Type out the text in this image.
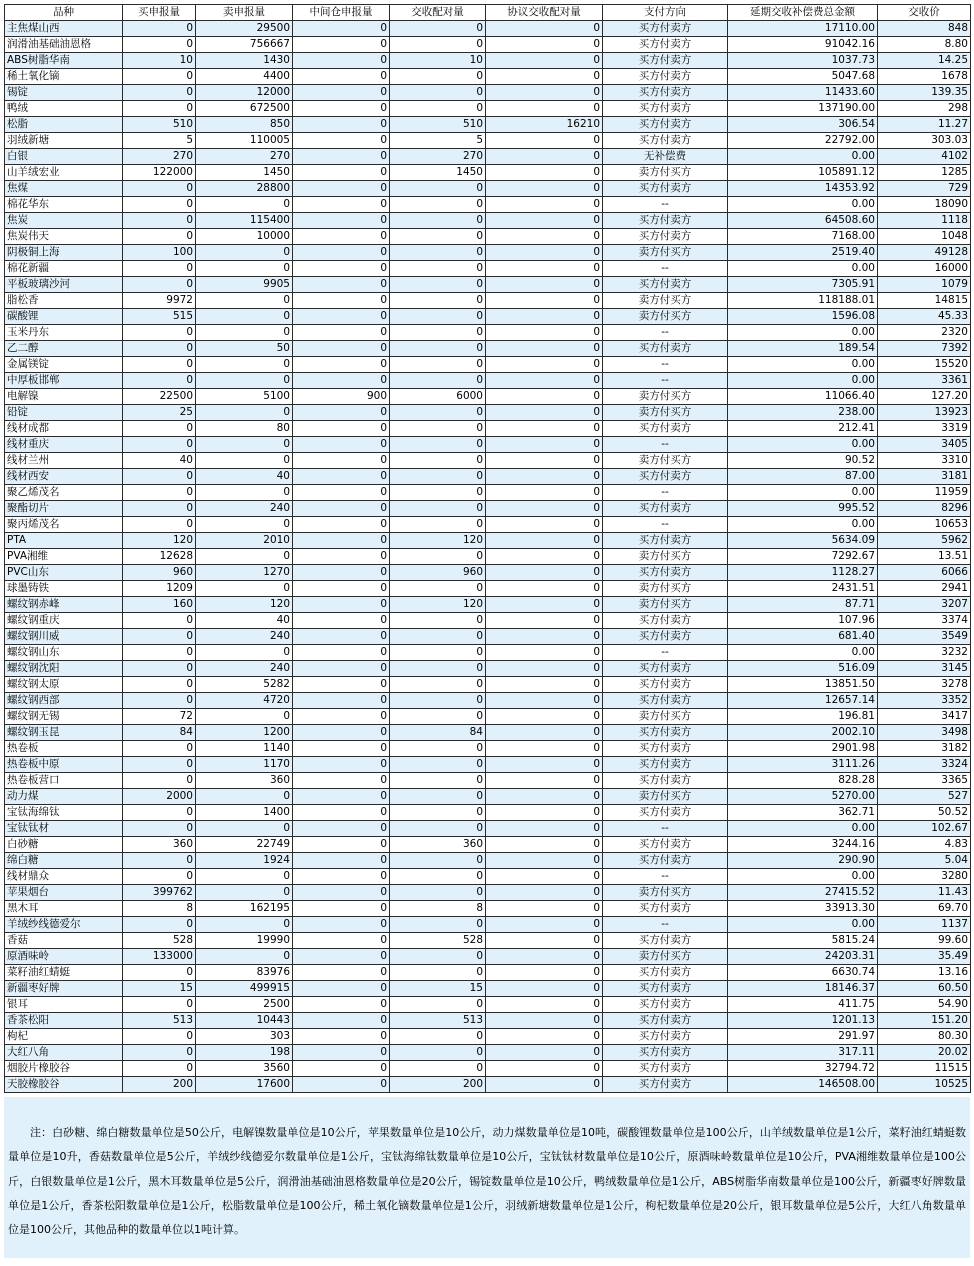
品种	买申报量	卖申报量	中间仓申报量	交收配对量	协议交收配对量	支付方向	延期交收补偿费总金额	交收价
主焦煤山西	0	29500	0	0	0	买方付卖方	17110.00	848
润滑油基础油恩格	0	756667	0	0	0	买方付卖方	91042.16	8.80
ABS树脂华南	10	1430	0	10	0	买方付卖方	1037.73	14.25
稀土氧化镝	0	4400	0	0	0	买方付卖方	5047.68	1678
锡锭	0	12000	0	0	0	买方付卖方	11433.60	139.35
鸭绒	0	672500	0	0	0	买方付卖方	137190.00	298
松脂	510	850	0	510	16210	买方付卖方	306.54	11.27
羽绒新塘	5	110005	0	5	0	买方付卖方	22792.00	303.03
白银	270	270	0	270	0	无补偿费	0.00	4102
山羊绒宏业	122000	1450	0	1450	0	卖方付买方	105891.12	1285
焦煤	0	28800	0	0	0	买方付卖方	14353.92	729
棉花华东	0	0	0	0	0	--	0.00	18090
焦炭	0	115400	0	0	0	买方付卖方	64508.60	1118
焦炭伟天	0	10000	0	0	0	买方付卖方	7168.00	1048
阴极铜上海	100	0	0	0	0	卖方付买方	2519.40	49128
棉花新疆	0	0	0	0	0	--	0.00	16000
平板玻璃沙河	0	9905	0	0	0	买方付卖方	7305.91	1079
脂松香	9972	0	0	0	0	卖方付买方	118188.01	14815
碳酸锂	515	0	0	0	0	卖方付买方	1596.08	45.33
玉米丹东	0	0	0	0	0	--	0.00	2320
乙二醇	0	50	0	0	0	买方付卖方	189.54	7392
金属镁锭	0	0	0	0	0	--	0.00	15520
中厚板邯郸	0	0	0	0	0	--	0.00	3361
电解镍	22500	5100	900	6000	0	卖方付买方	11066.40	127.20
铅锭	25	0	0	0	0	卖方付买方	238.00	13923
线材成都	0	80	0	0	0	买方付卖方	212.41	3319
线材重庆	0	0	0	0	0	--	0.00	3405
线材兰州	40	0	0	0	0	卖方付买方	90.52	3310
线材西安	0	40	0	0	0	买方付卖方	87.00	3181
聚乙烯茂名	0	0	0	0	0	--	0.00	11959
聚酯切片	0	240	0	0	0	买方付卖方	995.52	8296
聚丙烯茂名	0	0	0	0	0	--	0.00	10653
PTA	120	2010	0	120	0	买方付卖方	5634.09	5962
PVA湘维	12628	0	0	0	0	卖方付买方	7292.67	13.51
PVC山东	960	1270	0	960	0	买方付卖方	1128.27	6066
球墨铸铁	1209	0	0	0	0	卖方付买方	2431.51	2941
螺纹钢赤峰	160	120	0	120	0	卖方付买方	87.71	3207
螺纹钢重庆	0	40	0	0	0	买方付卖方	107.96	3374
螺纹钢川威	0	240	0	0	0	买方付卖方	681.40	3549
螺纹钢山东	0	0	0	0	0	--	0.00	3232
螺纹钢沈阳	0	240	0	0	0	买方付卖方	516.09	3145
螺纹钢太原	0	5282	0	0	0	买方付卖方	13851.50	3278
螺纹钢西部	0	4720	0	0	0	买方付卖方	12657.14	3352
螺纹钢无锡	72	0	0	0	0	卖方付买方	196.81	3417
螺纹钢玉昆	84	1200	0	84	0	买方付卖方	2002.10	3498
热卷板	0	1140	0	0	0	买方付卖方	2901.98	3182
热卷板中原	0	1170	0	0	0	买方付卖方	3111.26	3324
热卷板营口	0	360	0	0	0	买方付卖方	828.28	3365
动力煤	2000	0	0	0	0	卖方付买方	5270.00	527
宝钛海绵钛	0	1400	0	0	0	买方付卖方	362.71	50.52
宝钛钛材	0	0	0	0	0	--	0.00	102.67
白砂糖	360	22749	0	360	0	买方付卖方	3244.16	4.83
绵白糖	0	1924	0	0	0	买方付卖方	290.90	5.04
线材鼎众	0	0	0	0	0	--	0.00	3280
苹果烟台	399762	0	0	0	0	卖方付买方	27415.52	11.43
黑木耳	8	162195	0	8	0	买方付卖方	33913.30	69.70
羊绒纱线德爱尔	0	0	0	0	0	--	0.00	1137
香菇	528	19990	0	528	0	买方付卖方	5815.24	99.60
原酒味岭	133000	0	0	0	0	卖方付买方	24203.31	35.49
菜籽油红蜻蜓	0	83976	0	0	0	买方付卖方	6630.74	13.16
新疆枣好牌	15	499915	0	15	0	买方付卖方	18146.37	60.50
银耳	0	2500	0	0	0	买方付卖方	411.75	54.90
香茶松阳	513	10443	0	513	0	买方付卖方	1201.13	151.20
枸杞	0	303	0	0	0	买方付卖方	291.97	80.30
大红八角	0	198	0	0	0	买方付卖方	317.11	20.02
烟胶片橡胶谷	0	3560	0	0	0	买方付卖方	32794.72	11515
天胶橡胶谷	200	17600	0	200	0	买方付卖方	146508.00	10525

注：白砂糖、绵白糖数量单位是50公斤，电解镍数量单位是10公斤，苹果数量单位是10公斤，动力煤数量单位是10吨，碳酸锂数量单位是100公斤，山羊绒数量单位是1公斤，菜籽油红蜻蜓数量单位是10升，香菇数量单位是5公斤，羊绒纱线德爱尔数量单位是1公斤，宝钛海绵钛数量单位是10公斤，宝钛钛材数量单位是10公斤，原酒味岭数量单位是10公斤，PVA湘维数量单位是100公斤，白银数量单位是1公斤，黑木耳数量单位是5公斤，润滑油基础油恩格数量单位是20公斤，锡锭数量单位是10公斤，鸭绒数量单位是1公斤，ABS树脂华南数量单位是100公斤，新疆枣好牌数量单位是1公斤，香茶松阳数量单位是1公斤，松脂数量单位是100公斤，稀土氧化镝数量单位是1公斤，羽绒新塘数量单位是1公斤，枸杞数量单位是20公斤，银耳数量单位是5公斤，大红八角数量单位是100公斤，其他品种的数量单位以1吨计算。
